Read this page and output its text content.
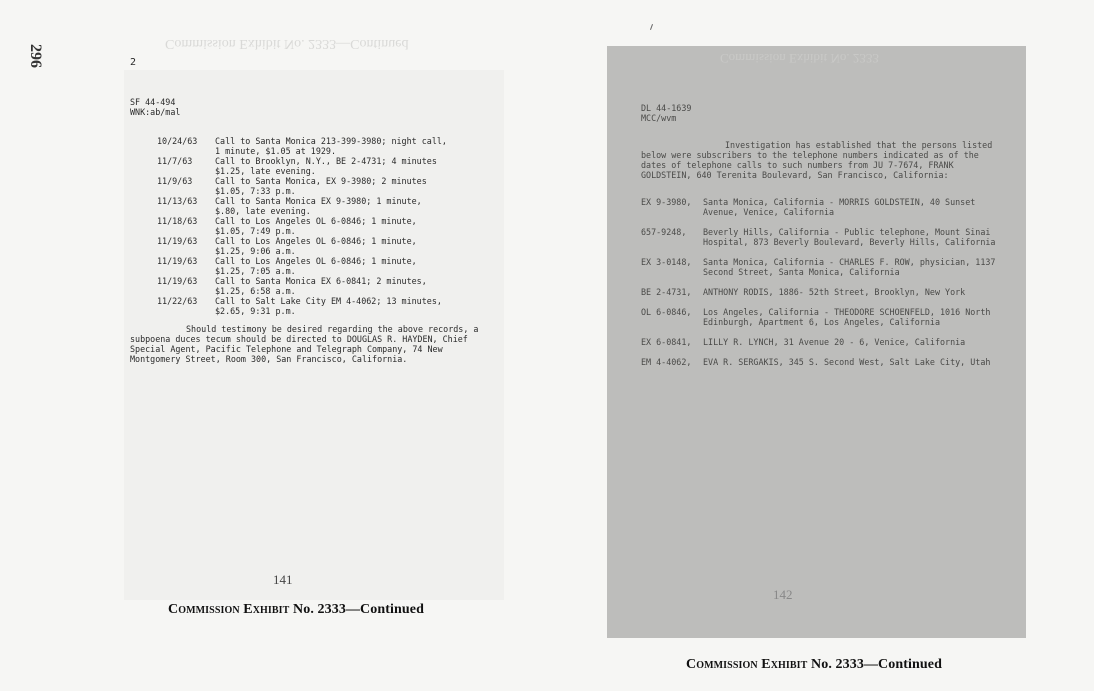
296
Commission Exhibit No. 2333—Continued
2
SF 44-494
WNK:ab/mal
10/24/63	Call to Santa Monica 213-399-3980; night call,
1 minute, $1.05 at 1929.
11/7/63	Call to Brooklyn, N.Y., BE 2-4731; 4 minutes
$1.25, late evening.
11/9/63	Call to Santa Monica, EX 9-3980; 2 minutes
$1.05, 7:33 p.m.
11/13/63	Call to Santa Monica EX 9-3980; 1 minute,
$.80, late evening.
11/18/63	Call to Los Angeles OL 6-0846; 1 minute,
$1.05, 7:49 p.m.
11/19/63	Call to Los Angeles OL 6-0846; 1 minute,
$1.25, 9:06 a.m.
11/19/63	Call to Los Angeles OL 6-0846; 1 minute,
$1.25, 7:05 a.m.
11/19/63	Call to Santa Monica EX 6-0841; 2 minutes,
$1.25, 6:58 a.m.
11/22/63	Call to Salt Lake City EM 4-4062; 13 minutes,
$2.65, 9:31 p.m.
Should testimony be desired regarding the above records, a subpoena duces tecum should be directed to DOUGLAS R. HAYDEN, Chief Special Agent, Pacific Telephone and Telegraph Company, 74 New Montgomery Street, Room 300, San Francisco, California.
141
Commission Exhibit No. 2333—Continued
Commission Exhibit No. 2333
DL 44-1639
MCC/wvm
Investigation has established that the persons listed below were subscribers to the telephone numbers indicated as of the dates of telephone calls to such numbers from JU 7-7674, FRANK GOLDSTEIN, 640 Terenita Boulevard, San Francisco, California:
EX 9-3980,	Santa Monica, California - MORRIS GOLDSTEIN, 40 Sunset Avenue, Venice, California
657-9248,	Beverly Hills, California - Public telephone, Mount Sinai Hospital, 873 Beverly Boulevard, Beverly Hills, California
EX 3-0148,	Santa Monica, California - CHARLES F. ROW, physician, 1137 Second Street, Santa Monica, California
BE 2-4731,	ANTHONY RODIS, 1886- 52th Street, Brooklyn, New York
OL 6-0846,	Los Angeles, California - THEODORE SCHOENFELD, 1016 North Edinburgh, Apartment 6, Los Angeles, California
EX 6-0841,	LILLY R. LYNCH, 31 Avenue 20 - 6, Venice, California
EM 4-4062,	EVA R. SERGAKIS, 345 S. Second West, Salt Lake City, Utah
142
Commission Exhibit No. 2333—Continued
